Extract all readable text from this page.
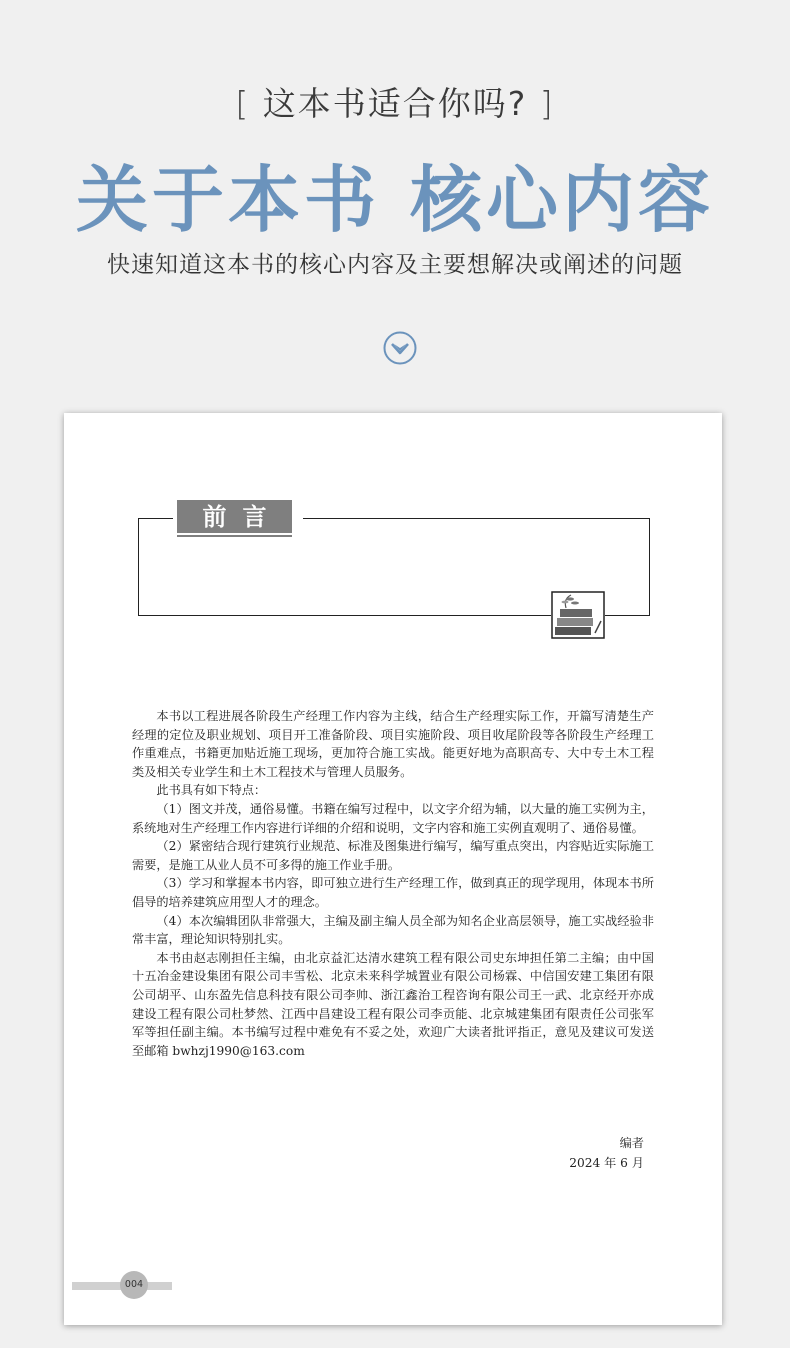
[ 这本书适合你吗? ]
关于本书 核心内容
快速知道这本书的核心内容及主要想解决或阐述的问题
前言

本书以工程进展各阶段生产经理工作内容为主线，结合生产经理实际工作，开篇写清楚生产经理的定位及职业规划、项目开工准备阶段、项目实施阶段、项目收尾阶段等各阶段生产经理工作重难点，书籍更加贴近施工现场，更加符合施工实战。能更好地为高职高专、大中专土木工程类及相关专业学生和土木工程技术与管理人员服务。

此书具有如下特点：

（1）图文并茂，通俗易懂。书籍在编写过程中，以文字介绍为辅，以大量的施工实例为主，系统地对生产经理工作内容进行详细的介绍和说明，文字内容和施工实例直观明了、通俗易懂。

（2）紧密结合现行建筑行业规范、标准及图集进行编写，编写重点突出，内容贴近实际施工需要，是施工从业人员不可多得的施工作业手册。

（3）学习和掌握本书内容，即可独立进行生产经理工作，做到真正的现学现用，体现本书所倡导的培养建筑应用型人才的理念。

（4）本次编辑团队非常强大，主编及副主编人员全部为知名企业高层领导，施工实战经验非常丰富，理论知识特别扎实。

本书由赵志刚担任主编，由北京益汇达清水建筑工程有限公司史东坤担任第二主编；由中国十五冶金建设集团有限公司丰雪松、北京未来科学城置业有限公司杨霖、中信国安建工集团有限公司胡平、山东盈先信息科技有限公司李帅、浙江鑫治工程咨询有限公司王一武、北京经开亦成建设工程有限公司杜梦然、江西中昌建设工程有限公司李贡能、北京城建集团有限责任公司张军军等担任副主编。本书编写过程中难免有不妥之处，欢迎广大读者批评指正，意见及建议可发送至邮箱 bwhzj1990@163.com

编者
2024 年 6 月
004
